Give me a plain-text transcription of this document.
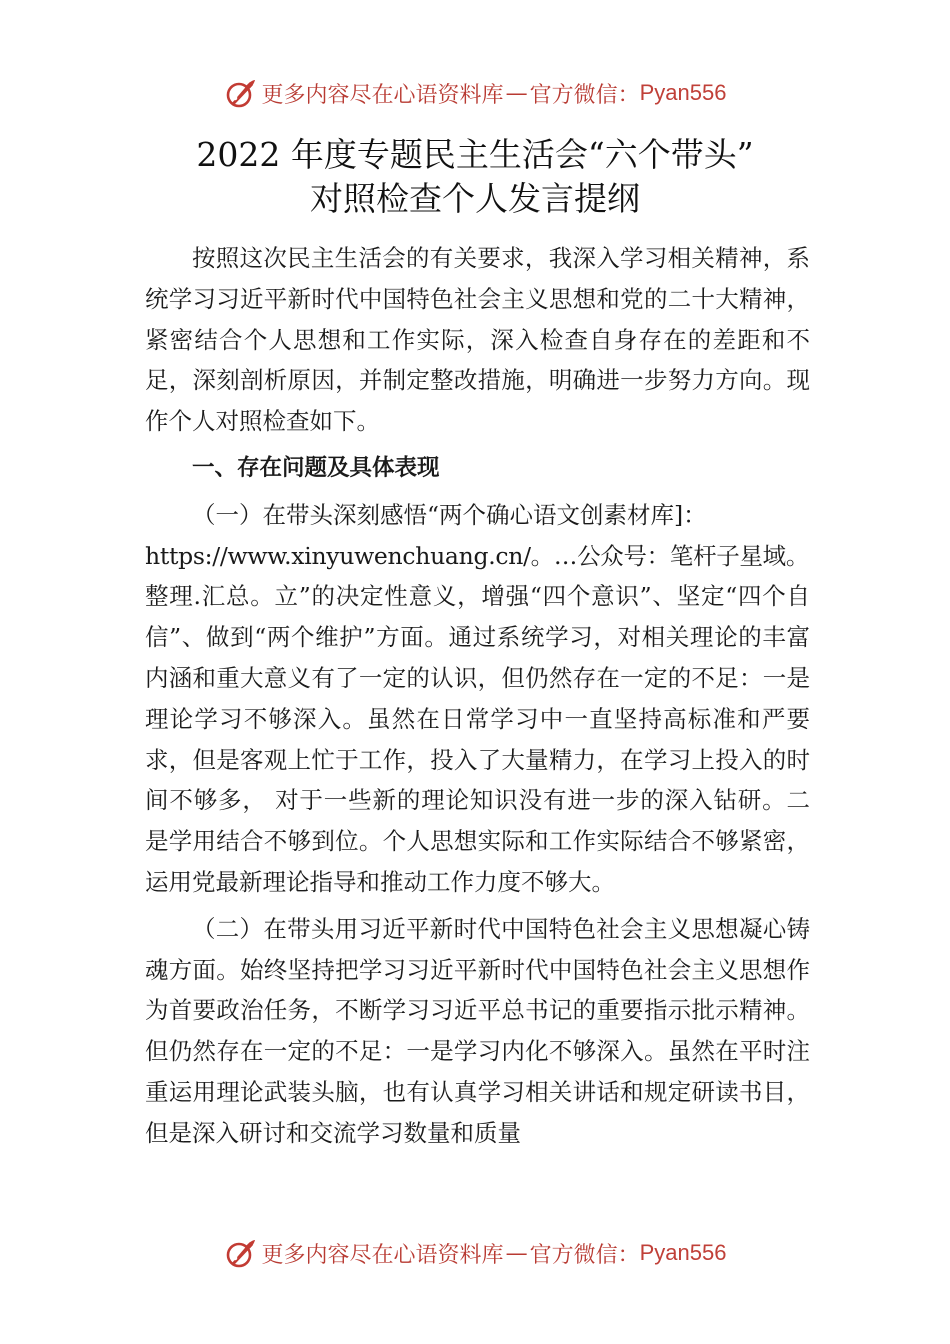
更多内容尽在心语资料库 — 官方微信： Pyan556
2022 年度专题民主生活会“六个带头”
对照检查个人发言提纲

按照这次民主生活会的有关要求，我深入学习相关精神，系统学习习近平新时代中国特色社会主义思想和党的二十大精神，紧密结合个人思想和工作实际，深入检查自身存在的差距和不足，深刻剖析原因，并制定整改措施，明确进一步努力方向。现作个人对照检查如下。

一、存在问题及具体表现

（一）在带头深刻感悟“两个确心语文创素材库]：

https://www.xinyuwenchuang.cn/。…公众号：笔杆子星域。

整理.汇总。立”的决定性意义，增强“四个意识”、坚定“四个自信”、做到“两个维护”方面。通过系统学习，对相关理论的丰富内涵和重大意义有了一定的认识，但仍然存在一定的不足：一是理论学习不够深入。虽然在日常学习中一直坚持高标准和严要求，但是客观上忙于工作，投入了大量精力，在学习上投入的时间不够多， 对于一些新的理论知识没有进一步的深入钻研。二是学用结合不够到位。个人思想实际和工作实际结合不够紧密，运用党最新理论指导和推动工作力度不够大。

（二）在带头用习近平新时代中国特色社会主义思想凝心铸魂方面。始终坚持把学习习近平新时代中国特色社会主义思想作为首要政治任务，不断学习习近平总书记的重要指示批示精神。但仍然存在一定的不足：一是学习内化不够深入。虽然在平时注重运用理论武装头脑，也有认真学习相关讲话和规定研读书目，但是深入研讨和交流学习数量和质量

更多内容尽在心语资料库 — 官方微信： Pyan556
